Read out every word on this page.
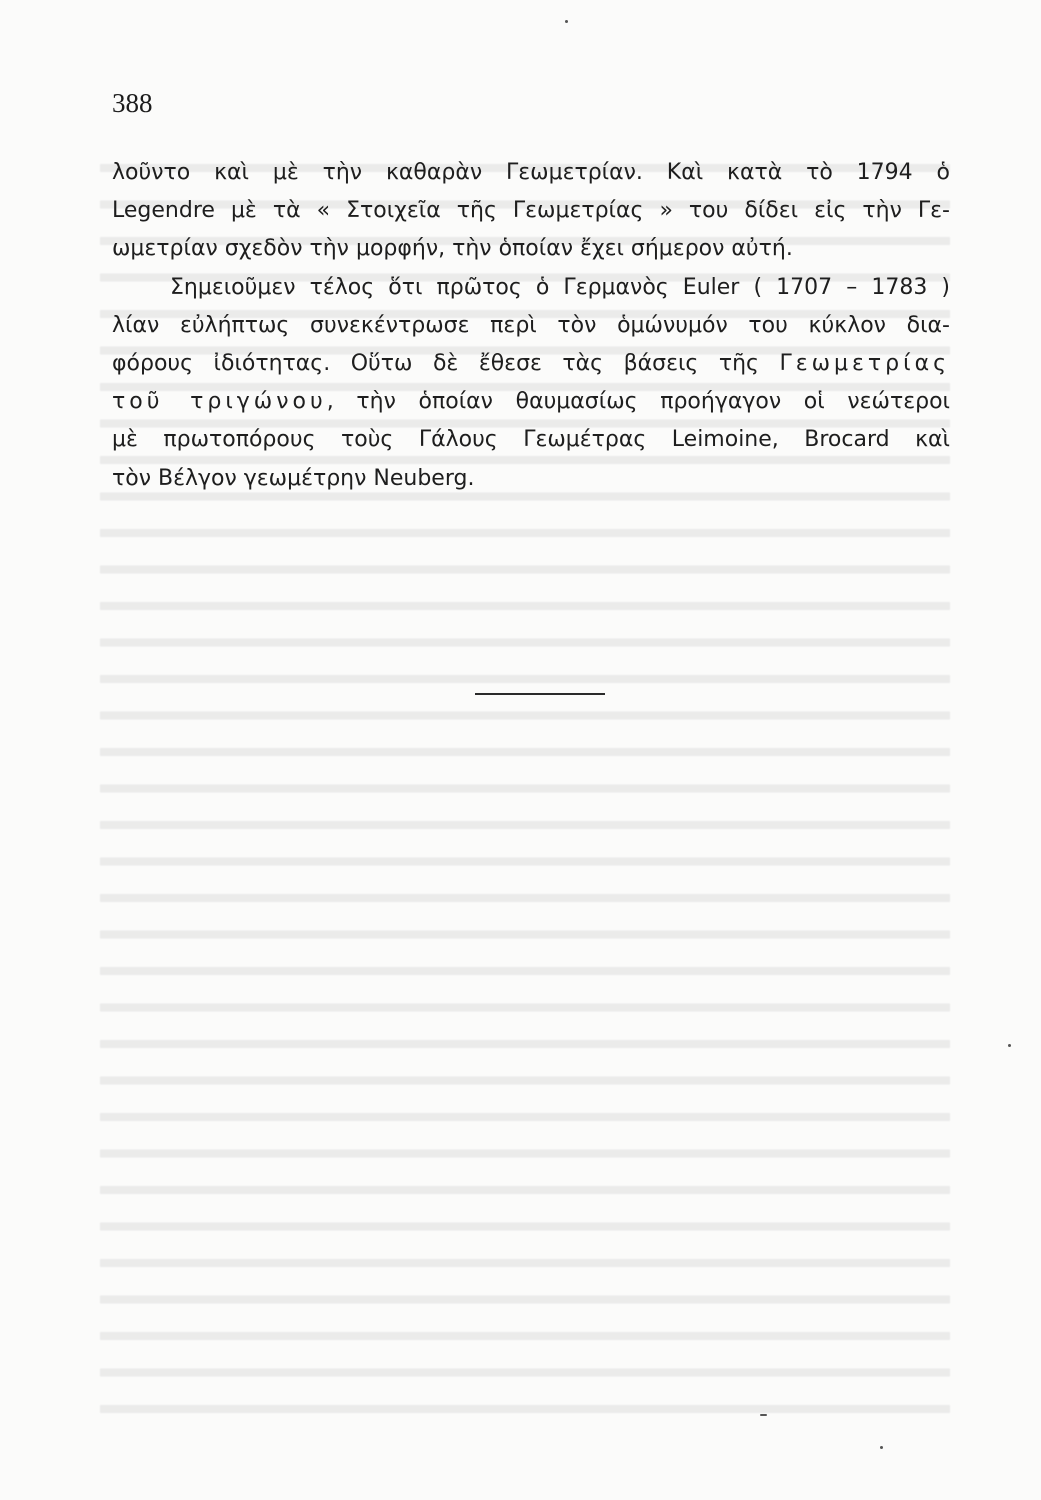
388
λοῦντο καὶ μὲ τὴν καθαρὰν Γεωμετρίαν. Καὶ κατὰ τὸ 1794 ὁ
Legendre μὲ τὰ « Στοιχεῖα τῆς Γεωμετρίας » του δίδει εἰς τὴν Γε-
ωμετρίαν σχεδὸν τὴν μορφήν, τὴν ὁποίαν ἔχει σήμερον αὐτή.
Σημειοῦμεν τέλος ὅτι πρῶτος ὁ Γερμανὸς Euler ( 1707 – 1783 )
λίαν εὐλήπτως συνεκέντρωσε περὶ τὸν ὁμώνυμόν του κύκλον δια-
φόρους ἰδιότητας. Οὕτω δὲ ἔθεσε τὰς βάσεις τῆς Γεωμετρίας
τοῦ τριγώνου, τὴν ὁποίαν θαυμασίως προήγαγον οἱ νεώτεροι
μὲ πρωτοπόρους τοὺς Γάλους Γεωμέτρας Leimoine, Brocard καὶ
τὸν Βέλγον γεωμέτρην Neuberg.
